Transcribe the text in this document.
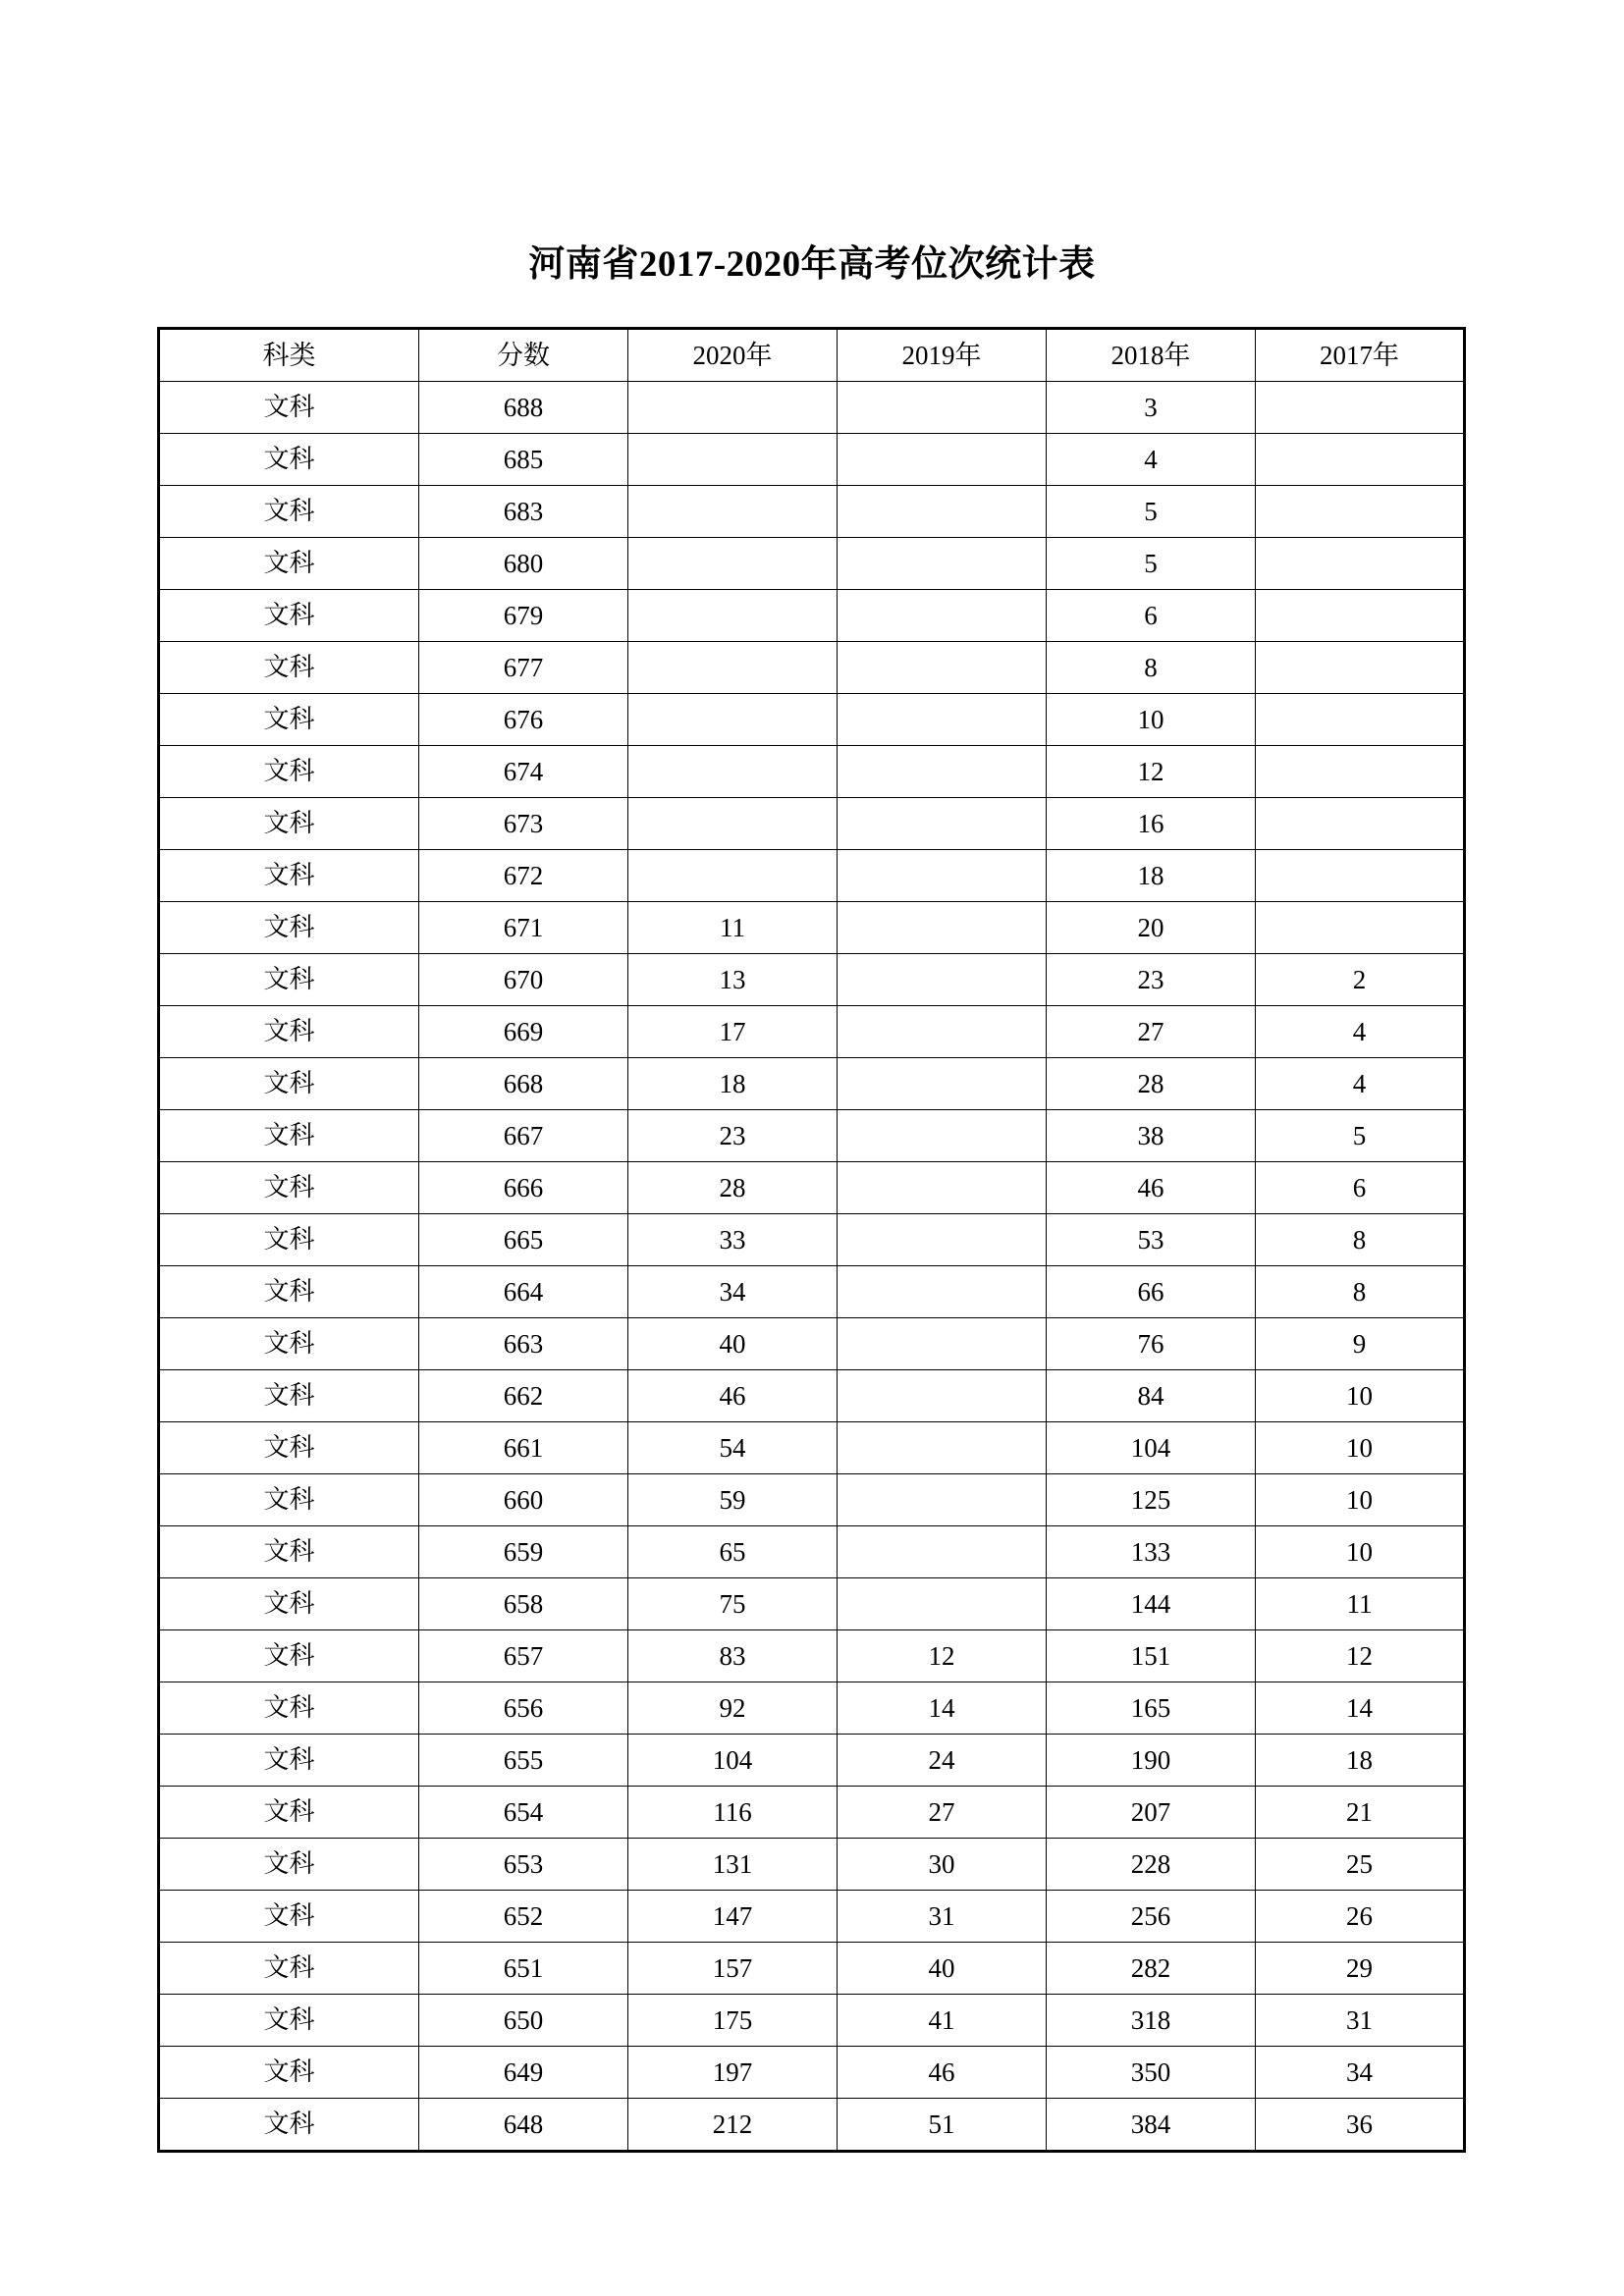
河南省2017-2020年高考位次统计表
科类	分数	2020年	2019年	2018年	2017年
文科	688			3	
文科	685			4	
文科	683			5	
文科	680			5	
文科	679			6	
文科	677			8	
文科	676			10	
文科	674			12	
文科	673			16	
文科	672			18	
文科	671	11		20	
文科	670	13		23	2
文科	669	17		27	4
文科	668	18		28	4
文科	667	23		38	5
文科	666	28		46	6
文科	665	33		53	8
文科	664	34		66	8
文科	663	40		76	9
文科	662	46		84	10
文科	661	54		104	10
文科	660	59		125	10
文科	659	65		133	10
文科	658	75		144	11
文科	657	83	12	151	12
文科	656	92	14	165	14
文科	655	104	24	190	18
文科	654	116	27	207	21
文科	653	131	30	228	25
文科	652	147	31	256	26
文科	651	157	40	282	29
文科	650	175	41	318	31
文科	649	197	46	350	34
文科	648	212	51	384	36
